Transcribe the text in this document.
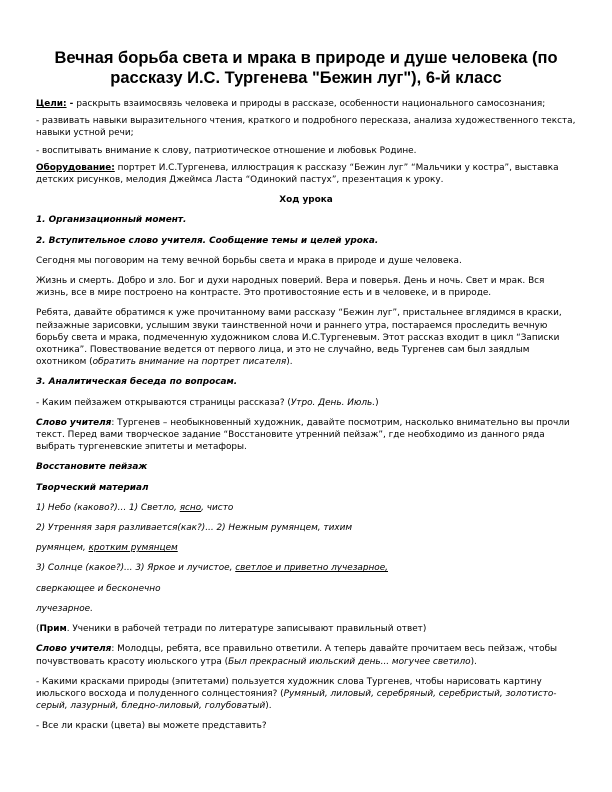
Вечная борьба света и мрака в природе и душе человека (по рассказу И.С. Тургенева "Бежин луг"), 6-й класс

Цели: - раскрыть взаимосвязь человека и природы в рассказе, особенности национального самосознания;

- развивать навыки выразительного чтения, краткого и подробного пересказа, анализа художественного текста, навыки устной речи;

- воспитывать внимание к слову, патриотическое отношение и любовьк Родине.

Оборудование: портрет И.С.Тургенева, иллюстрация к рассказу “Бежин луг” “Мальчики у костра”, выставка детских рисунков, мелодия Джеймса Ласта “Одинокий пастух”, презентация к уроку.

Ход урока

1. Организационный момент.

2. Вступительное слово учителя. Сообщение темы и целей урока.

Сегодня мы поговорим на тему вечной борьбы света и мрака в природе и душе человека.

Жизнь и смерть. Добро и зло. Бог и духи народных поверий. Вера и поверья. День и ночь. Свет и мрак. Вся жизнь, все в мире построено на контрасте. Это противостояние есть и в человеке, и в природе.

Ребята, давайте обратимся к уже прочитанному вами рассказу “Бежин луг”, пристальнее вглядимся в краски, пейзажные зарисовки, услышим звуки таинственной ночи и раннего утра, постараемся проследить вечную борьбу света и мрака, подмеченную художником слова И.С.Тургеневым. Этот рассказ входит в цикл “Записки охотника”. Повествование ведется от первого лица, и это не случайно, ведь Тургенев сам был заядлым охотником (обратить внимание на портрет писателя).

3. Аналитическая беседа по вопросам.

- Каким пейзажем открываются страницы рассказа? (Утро. День. Июль.)

Слово учителя: Тургенев – необыкновенный художник, давайте посмотрим, насколько внимательно вы прочли текст. Перед вами творческое задание “Восстановите утренний пейзаж”, где необходимо из данного ряда выбрать тургеневские эпитеты и метафоры.

Восстановите пейзаж

Творческий материал

1) Небо (каково?)... 1) Светло, ясно, чисто

2) Утренняя заря разливается(как?)... 2) Нежным румянцем, тихим

румянцем, кротким румянцем

3) Солнце (какое?)... 3) Яркое и лучистое, светлое и приветно лучезарное,

сверкающее и бесконечно

лучезарное.

(Прим. Ученики в рабочей тетради по литературе записывают правильный ответ)

Слово учителя: Молодцы, ребята, все правильно ответили. А теперь давайте прочитаем весь пейзаж, чтобы почувствовать красоту июльского утра (Был прекрасный июльский день... могучее светило).

- Какими красками природы (эпитетами) пользуется художник слова Тургенев, чтобы нарисовать картину июльского восхода и полуденного солнцестояния? (Румяный, лиловый, серебряный, серебристый, золотисто-серый, лазурный, бледно-лиловый, голубоватый).

- Все ли краски (цвета) вы можете представить?
